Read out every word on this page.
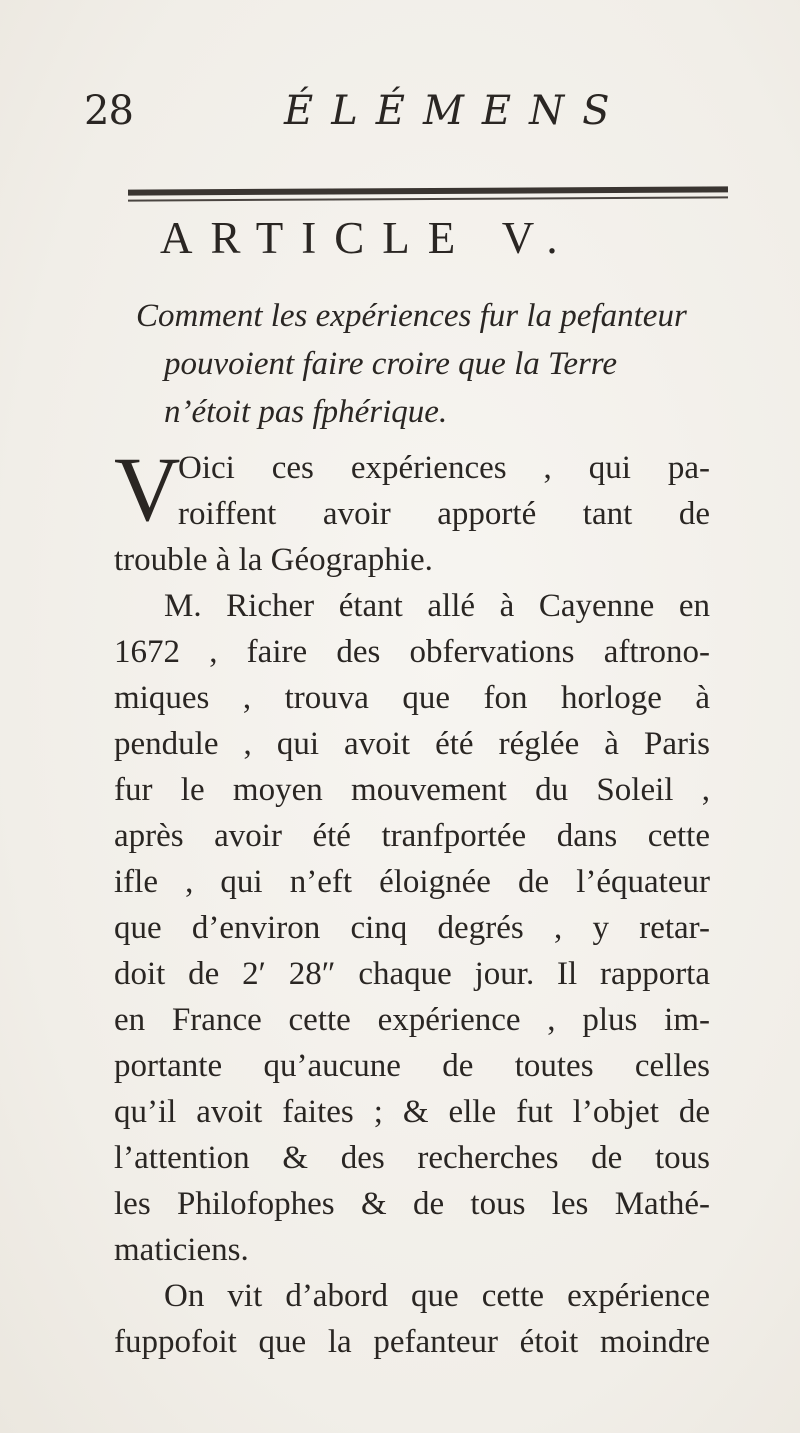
28	ÉLÉMENS
ARTICLE V.

Comment les expériences fur la pefanteur
pouvoient faire croire que la Terre
n’étoit pas fphérique.

V
Oici ces expériences , qui pa-
roiffent avoir apporté tant de
trouble à la Géographie.
M. Richer étant allé à Cayenne en
1672 , faire des obfervations aftrono-
miques , trouva que fon horloge à
pendule , qui avoit été réglée à Paris
fur le moyen mouvement du Soleil ,
après avoir été tranfportée dans cette
ifle , qui n’eft éloignée de l’équateur
que d’environ cinq degrés , y retar-
doit de 2′ 28″ chaque jour. Il rapporta
en France cette expérience , plus im-
portante qu’aucune de toutes celles
qu’il avoit faites ; & elle fut l’objet de
l’attention & des recherches de tous
les Philofophes & de tous les Mathé-
maticiens.
On vit d’abord que cette expérience
fuppofoit que la pefanteur étoit moindre
